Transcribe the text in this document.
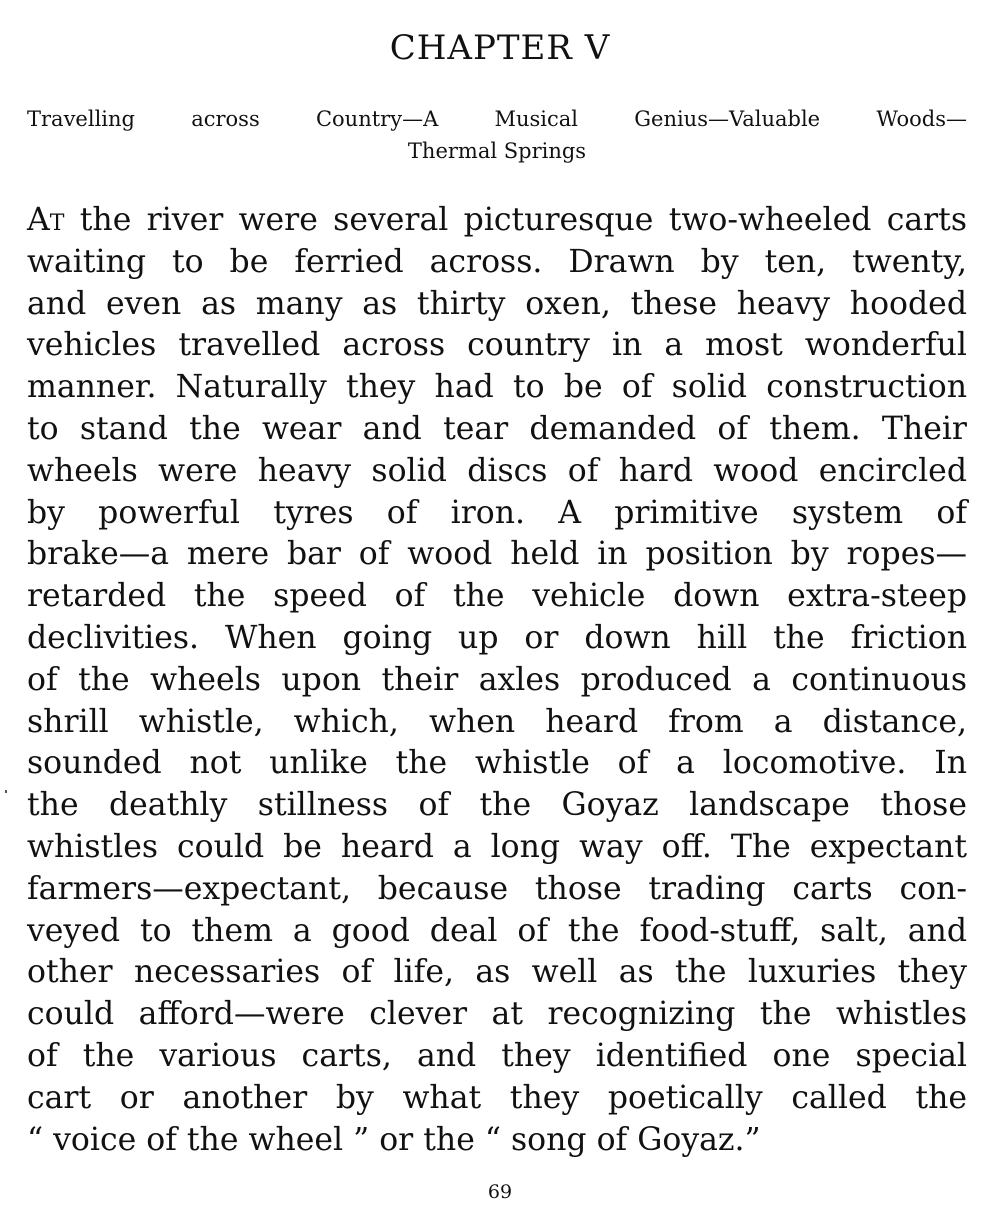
CHAPTER V
Travelling across Country—A Musical Genius—Valuable Woods—
Thermal Springs
At the river were several picturesque two-wheeled carts
waiting to be ferried across. Drawn by ten, twenty,
and even as many as thirty oxen, these heavy hooded
vehicles travelled across country in a most wonderful
manner. Naturally they had to be of solid construction
to stand the wear and tear demanded of them. Their
wheels were heavy solid discs of hard wood encircled
by powerful tyres of iron. A primitive system of
brake—a mere bar of wood held in position by ropes—
retarded the speed of the vehicle down extra-steep
declivities. When going up or down hill the friction
of the wheels upon their axles produced a continuous
shrill whistle, which, when heard from a distance,
sounded not unlike the whistle of a locomotive. In
the deathly stillness of the Goyaz landscape those
whistles could be heard a long way off. The expectant
farmers—expectant, because those trading carts con-
veyed to them a good deal of the food-stuff, salt, and
other necessaries of life, as well as the luxuries they
could afford—were clever at recognizing the whistles
of the various carts, and they identified one special
cart or another by what they poetically called the
“ voice of the wheel ” or the “ song of Goyaz.”
69
